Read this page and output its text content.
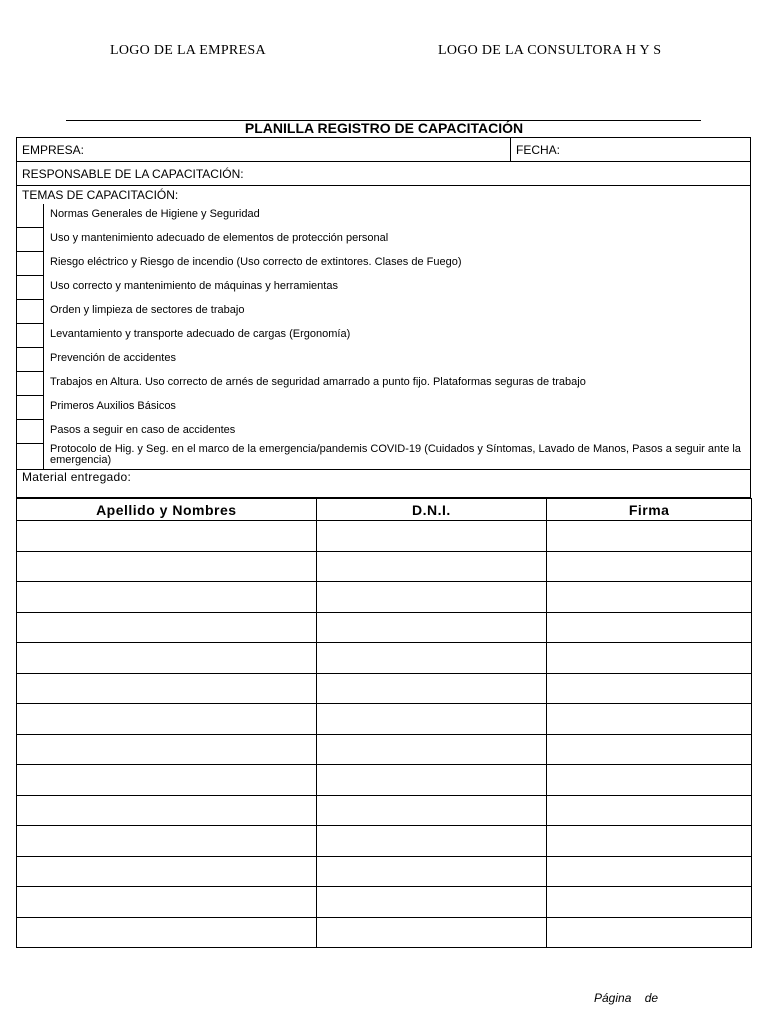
LOGO DE LA EMPRESA	LOGO DE LA CONSULTORA H Y S
PLANILLA REGISTRO DE CAPACITACIÓN
EMPRESA:	FECHA:
RESPONSABLE DE LA CAPACITACIÓN:
TEMAS DE CAPACITACIÓN:
Normas Generales de Higiene y Seguridad
Uso y mantenimiento adecuado de elementos de protección personal
Riesgo eléctrico y Riesgo de incendio (Uso correcto de extintores. Clases de Fuego)
Uso correcto y mantenimiento de máquinas y herramientas
Orden y limpieza de sectores de trabajo
Levantamiento y transporte adecuado de cargas (Ergonomía)
Prevención de accidentes
Trabajos en Altura. Uso correcto de arnés de seguridad amarrado a punto fijo. Plataformas seguras de trabajo
Primeros Auxilios Básicos
Pasos a seguir en caso de accidentes
Protocolo de Hig. y Seg. en el marco de la emergencia/pandemis COVID-19 (Cuidados y Síntomas, Lavado de Manos, Pasos a seguir ante la emergencia)
Material entregado:
Apellido y Nombres	D.N.I.	Firma

Página de
